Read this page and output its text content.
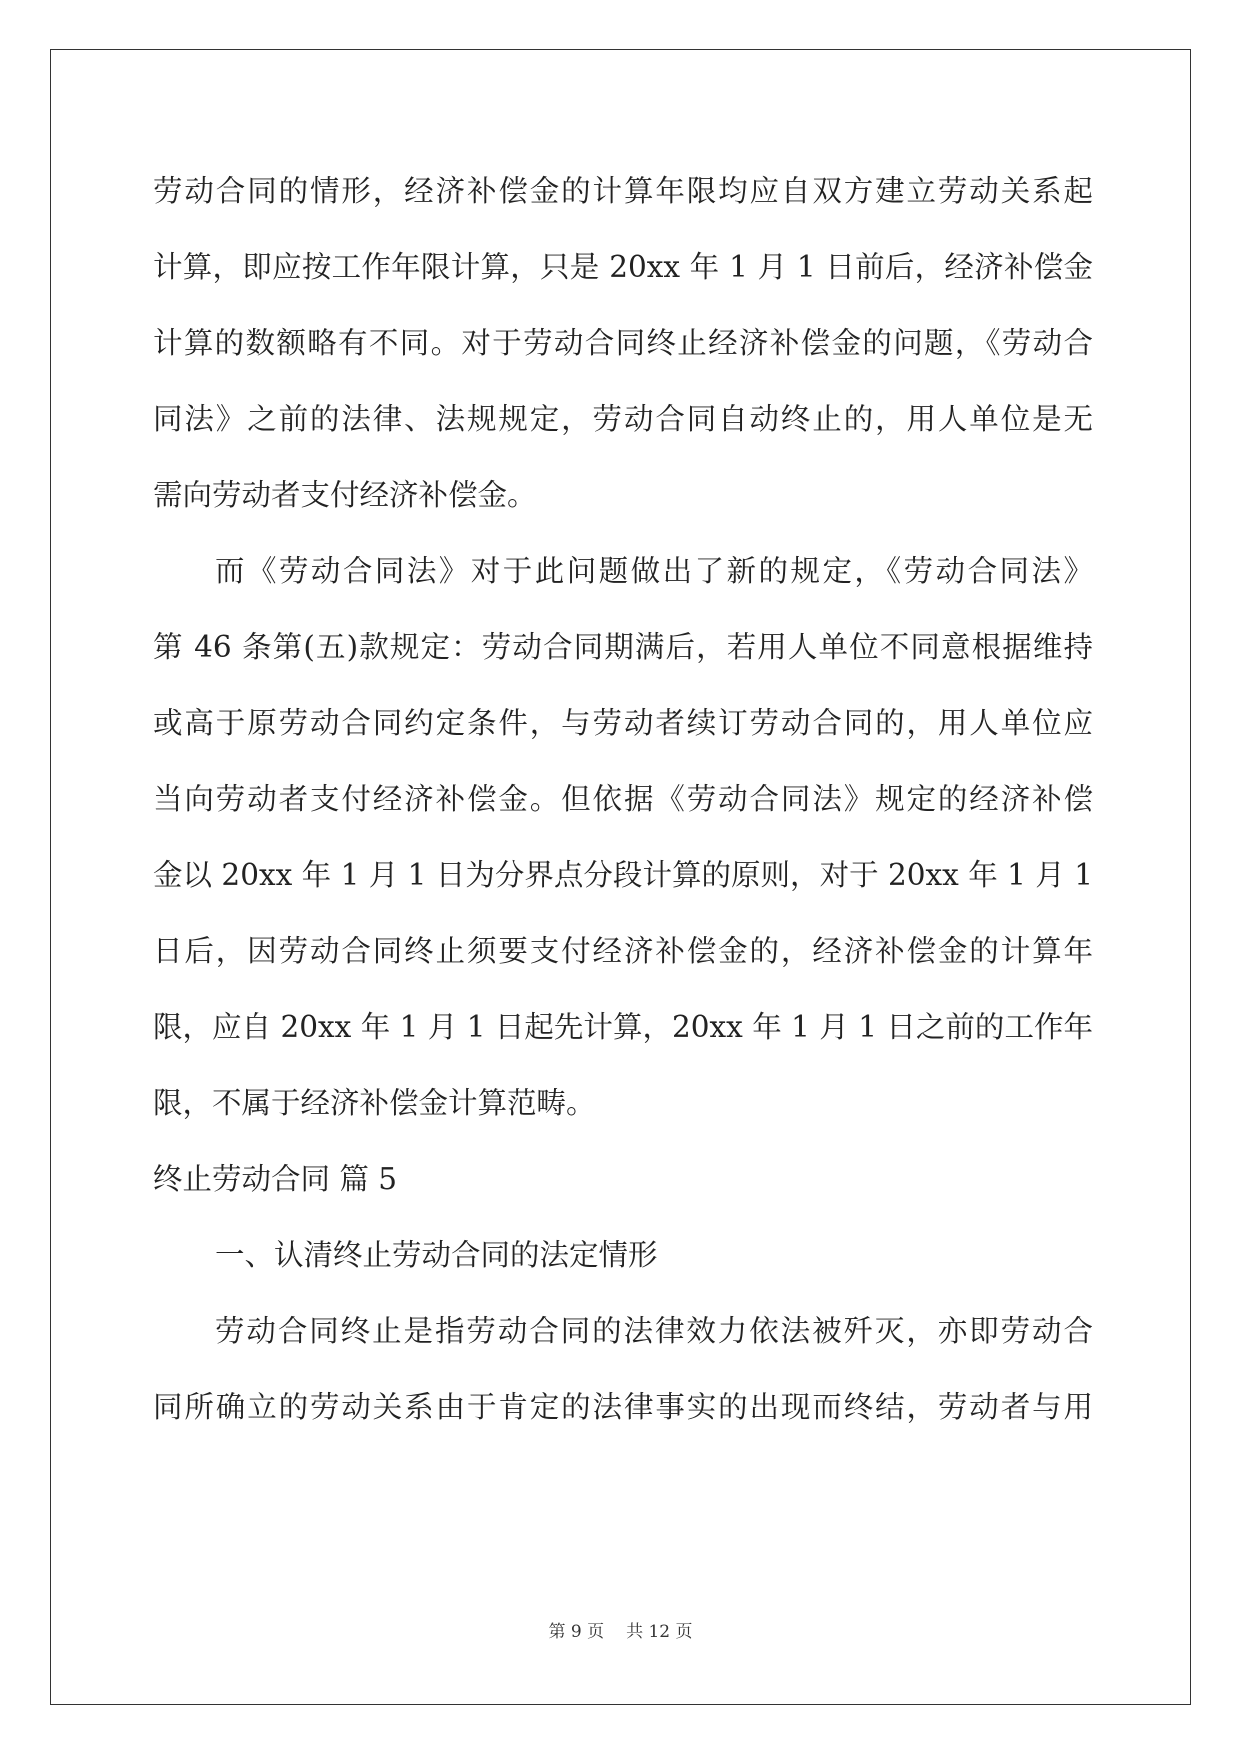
劳动合同的情形，经济补偿金的计算年限均应自双方建立劳动关系起
计算，即应按工作年限计算，只是 20xx 年 1 月 1 日前后，经济补偿金
计算的数额略有不同。对于劳动合同终止经济补偿金的问题，《劳动合
同法》之前的法律、法规规定，劳动合同自动终止的，用人单位是无
需向劳动者支付经济补偿金。
而《劳动合同法》对于此问题做出了新的规定，《劳动合同法》
第 46 条第(五)款规定：劳动合同期满后，若用人单位不同意根据维持
或高于原劳动合同约定条件，与劳动者续订劳动合同的，用人单位应
当向劳动者支付经济补偿金。但依据《劳动合同法》规定的经济补偿
金以 20xx 年 1 月 1 日为分界点分段计算的原则，对于 20xx 年 1 月 1
日后，因劳动合同终止须要支付经济补偿金的，经济补偿金的计算年
限，应自 20xx 年 1 月 1 日起先计算，20xx 年 1 月 1 日之前的工作年
限，不属于经济补偿金计算范畴。
终止劳动合同 篇 5
一、认清终止劳动合同的法定情形
劳动合同终止是指劳动合同的法律效力依法被歼灭，亦即劳动合
同所确立的劳动关系由于肯定的法律事实的出现而终结，劳动者与用
第 9 页 共 12 页
